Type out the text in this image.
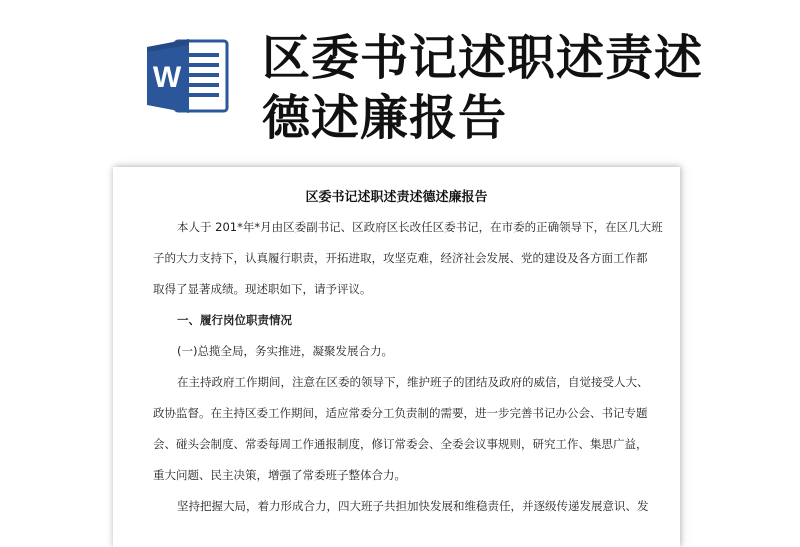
W 区委书记述职述责述
德述廉报告
区委书记述职述责述德述廉报告
本人于 201*年*月由区委副书记、区政府区长改任区委书记，在市委的正确领导下，在区几大班
子的大力支持下，认真履行职责，开拓进取，攻坚克难，经济社会发展、党的建设及各方面工作都
取得了显著成绩。现述职如下，请予评议。
一、履行岗位职责情况
(一)总揽全局，务实推进，凝聚发展合力。
在主持政府工作期间，注意在区委的领导下，维护班子的团结及政府的威信，自觉接受人大、
政协监督。在主持区委工作期间，适应常委分工负责制的需要，进一步完善书记办公会、书记专题
会、碰头会制度、常委每周工作通报制度，修订常委会、全委会议事规则，研究工作、集思广益，
重大问题、民主决策，增强了常委班子整体合力。
坚持把握大局，着力形成合力，四大班子共担加快发展和维稳责任，并逐级传递发展意识、发
